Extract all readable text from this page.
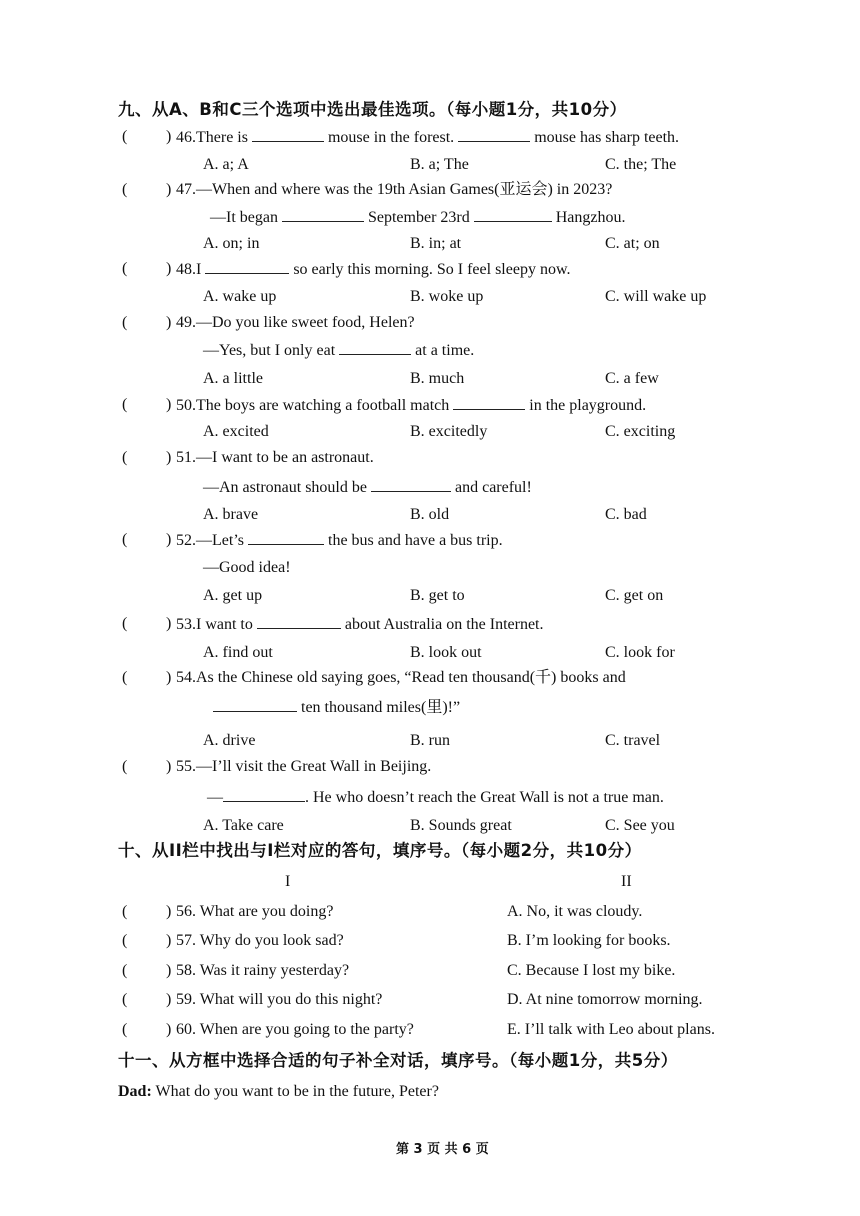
九、从A、B和C三个选项中选出最佳选项。（每小题1分，共10分）
( ) 46.There is	mouse in the forest.	mouse has sharp teeth.
A. a; A	B. a; The	C. the; The
( ) 47.—When and where was the 19th Asian Games(亚运会) in 2023?
—It began	September 23rd	Hangzhou.
A. on; in	B. in; at	C. at; on
( ) 48.I	so early this morning. So I feel sleepy now.
A. wake up	B. woke up	C. will wake up
( ) 49.—Do you like sweet food, Helen?
—Yes, but I only eat	at a time.
A. a little	B. much	C. a few
( ) 50.The boys are watching a football match	in the playground.
A. excited	B. excitedly	C. exciting
( ) 51.—I want to be an astronaut.
—An astronaut should be	and careful!
A. brave	B. old	C. bad
( ) 52.—Let’s	the bus and have a bus trip.
—Good idea!
A. get up	B. get to	C. get on
( ) 53.I want to	about Australia on the Internet.
A. find out	B. look out	C. look for
( ) 54.As the Chinese old saying goes, “Read ten thousand(千) books and
ten thousand miles(里)!”
A. drive	B. run	C. travel
( ) 55.—I’ll visit the Great Wall in Beijing.
—	. He who doesn’t reach the Great Wall is not a true man.
A. Take care	B. Sounds great	C. See you
十、从II栏中找出与I栏对应的答句，填序号。（每小题2分，共10分）
I	II
( ) 56. What are you doing?	A. No, it was cloudy.
( ) 57. Why do you look sad?	B. I’m looking for books.
( ) 58. Was it rainy yesterday?	C. Because I lost my bike.
( ) 59. What will you do this night?	D. At nine tomorrow morning.
( ) 60. When are you going to the party?	E. I’ll talk with Leo about plans.
十一、从方框中选择合适的句子补全对话，填序号。（每小题1分，共5分）
Dad: What do you want to be in the future, Peter?
第 3 页 共 6 页
